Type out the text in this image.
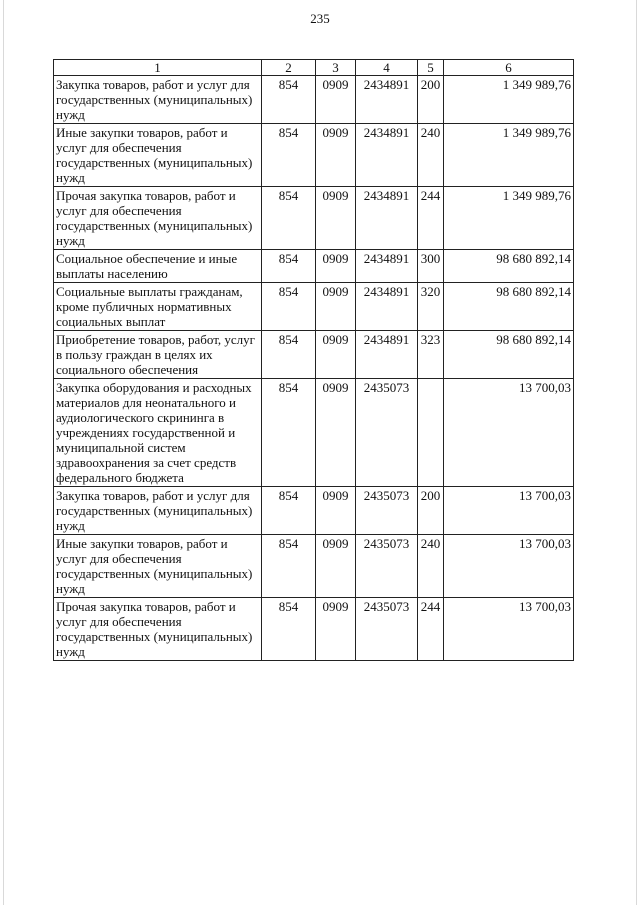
235
1	2	3	4	5	6
Закупка товаров, работ и услуг для государственных (муниципальных) нужд	854	0909	2434891	200	1 349 989,76
Иные закупки товаров, работ и услуг для обеспечения государственных (муниципальных) нужд	854	0909	2434891	240	1 349 989,76
Прочая закупка товаров, работ и услуг для обеспечения государственных (муниципальных) нужд	854	0909	2434891	244	1 349 989,76
Социальное обеспечение и иные выплаты населению	854	0909	2434891	300	98 680 892,14
Социальные выплаты гражданам, кроме публичных нормативных социальных выплат	854	0909	2434891	320	98 680 892,14
Приобретение товаров, работ, услуг в пользу граждан в целях их социального обеспечения	854	0909	2434891	323	98 680 892,14
Закупка оборудования и расходных материалов для неонатального и аудиологического скрининга в учреждениях государственной и муниципальной систем здравоохранения за счет средств федерального бюджета	854	0909	2435073		13 700,03
Закупка товаров, работ и услуг для государственных (муниципальных) нужд	854	0909	2435073	200	13 700,03
Иные закупки товаров, работ и услуг для обеспечения государственных (муниципальных) нужд	854	0909	2435073	240	13 700,03
Прочая закупка товаров, работ и услуг для обеспечения государственных (муниципальных) нужд	854	0909	2435073	244	13 700,03
